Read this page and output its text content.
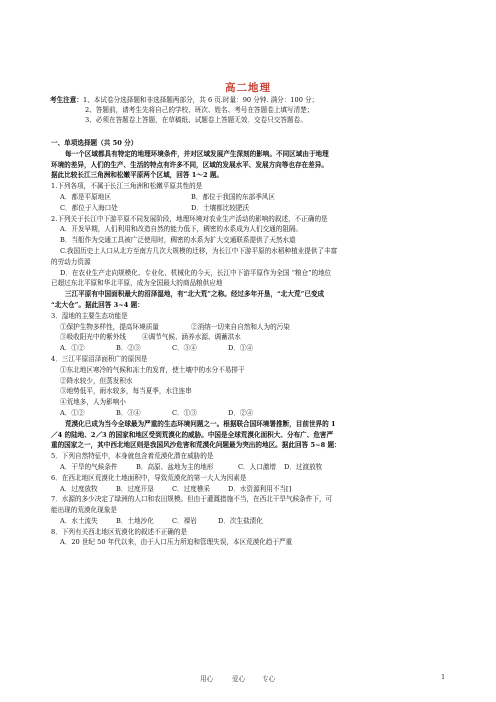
高二地理
考生注意：1、本试卷分选择题和非选择题两部分，共 6 页.时量：90 分钟. 满分：100 分；
2、答题前，请考生先将自己的学校、班次、姓名、考号在答题卷上填写清楚；
3、必须在答题卷上答题，在草稿纸、试题卷上答题无效．交卷只交答题卷。
一、单项选择题（共 50 分）
每一个区域都具有特定的地理环境条件，并对区域发展产生深刻的影响。不同区域由于地理
环境的差异，人们的生产、生活的特点有许多不同，区域的发展水平、发展方向等也存在差异。
据此比较长江三角洲和松嫩平原两个区域，回答 1～2 题。
1.下列各项，不属于长江三角洲和松嫩平原共性的是
A．都是平原地区	B．都位于我国的东部季风区
C．都位于入海口处	D．土壤都比较肥沃
2.下列关于长江中下游平原不同发展阶段，地理环境对农业生产活动的影响的叙述，不正确的是
A．开发早期，人们利用和改造自然的能力低下，稠密的水系成为人们交通的阻隔。
B．当船作为交通工具被广泛使用时，稠密的水系为扩大交通联系提供了天然水道
C.我国历史上人口从北方至南方几次大规模的迁移，为长江中下游平原的水稻种植业提供了丰富
的劳动力资源
D．在农业生产走向规模化、专业化、机械化的今天，长江中下游平原作为全国 “粮仓”的地位
已超过东北平原和华北平原，成为全国最大的商品粮供应地
三江平原有中国面积最大的沼泽湿地，有“北大荒”之称。经过多年开垦，“北大荒”已变成
“北大仓”。据此回答 3~4 题：
3．湿地的主要生态功能是
①保护生物多样性，提高环境质量	②消纳一切来自自然和人为的污染
③吸收阳光中的紫外线 ④调节气候、涵养水源、调蓄洪水
A．①②	B．②③	C．③④	D．①④
4．三江平原沼泽面积广的原因是
①东北地区寒冷的气候和冻土的发育，使土壤中的水分不易排干
②降水较少，但蒸发积水
③地势低平，雨水较多，每当夏季，水注连串
④荒地多，人为影响小
A．①②	B．③④	C．①③	D．②④
荒漠化已成为当今全球最为严重的生态环境问题之一。根据联合国环境署推断，目前世界的 1
／4 的陆地、2／3 的国家和地区受到荒漠化的威胁。中国是全球荒漠化面积大、分布广、危害严
重的国家之一，其中西北地区则是我国风沙危害和荒漠化问题最为突出的地区。据此回答 5~8 题：
5．下列自然特征中，本身就包含着荒漠化潜在威胁的是
A．干旱的气候条件	B．高原、盆地为主的地形	C．人口激增 D．过渡放牧
6．在西北地区荒漠化土地面积中，导致荒漠化的第一大人为因素是
A．过度放牧	B．过度开垦	C．过度樵采	D．水资源利用不当[]
7．水源的多少决定了绿洲的人口和农田规模。但由于灌溉措施不当，在西北干旱气候条件下，可
能出现的荒漠化现象是
A．水土流失	B．土地沙化	C．裸岩	D．次生盐渍化
8．下列有关西北地区荒漠化的叙述不正确的是
A．20 世纪 50 年代以来，由于人口压力所迫和管理失误，本区荒漠化趋于严重
用心	爱心	专心	1
